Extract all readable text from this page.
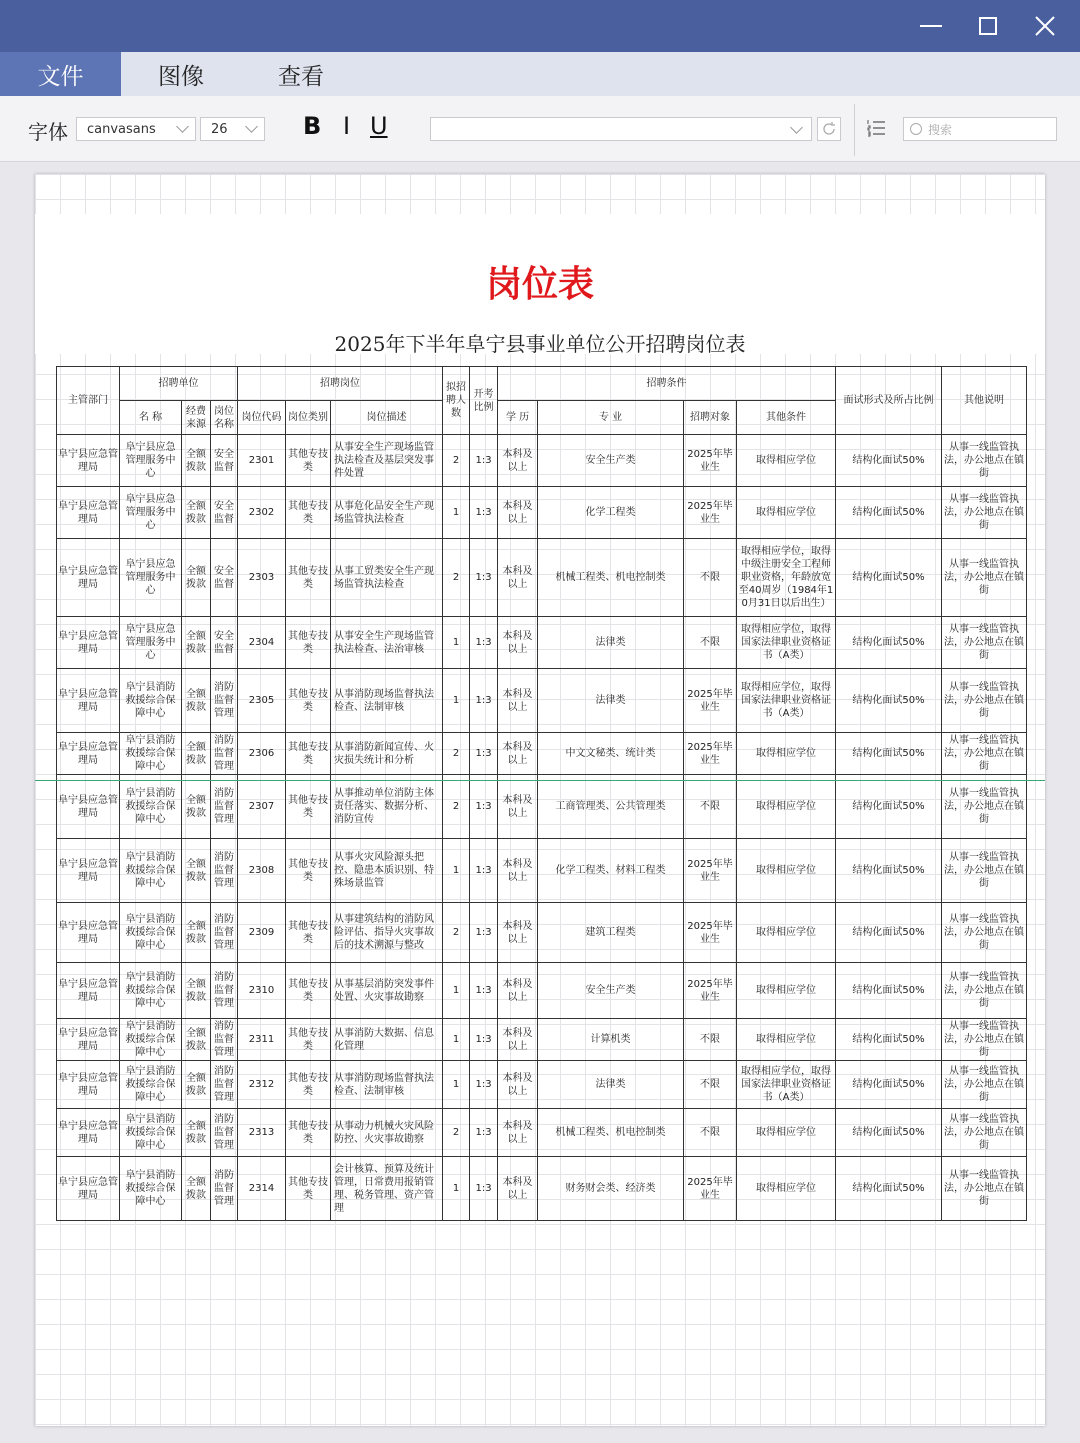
文件	图像	查看
字体 canvasans	26	B I U	搜索
岗位表
2025年下半年阜宁县事业单位公开招聘岗位表
主管部门	招聘单位			招聘岗位			拟招聘人数	开考比例	招聘条件				面试形式及所占比例	其他说明
	名 称	经费来源	岗位名称	岗位代码	岗位类别	岗位描述			学 历	专 业	招聘对象	其他条件		
阜宁县应急管理局	阜宁县应急管理服务中心	全额拨款	安全监督	2301	其他专技类	从事安全生产现场监管执法检查及基层突发事件处置	2	1:3	本科及以上	安全生产类	2025年毕业生	取得相应学位	结构化面试50%	从事一线监管执法，办公地点在镇街
阜宁县应急管理局	阜宁县应急管理服务中心	全额拨款	安全监督	2302	其他专技类	从事危化品安全生产现场监管执法检查	1	1:3	本科及以上	化学工程类	2025年毕业生	取得相应学位	结构化面试50%	从事一线监管执法，办公地点在镇街
阜宁县应急管理局	阜宁县应急管理服务中心	全额拨款	安全监督	2303	其他专技类	从事工贸类安全生产现场监管执法检查	2	1:3	本科及以上	机械工程类、机电控制类	不限	取得相应学位，取得中级注册安全工程师职业资格，年龄放宽至40周岁（1984年10月31日以后出生）	结构化面试50%	从事一线监管执法，办公地点在镇街
阜宁县应急管理局	阜宁县应急管理服务中心	全额拨款	安全监督	2304	其他专技类	从事安全生产现场监管执法检查、法治审核	1	1:3	本科及以上	法律类	不限	取得相应学位，取得国家法律职业资格证书（A类）	结构化面试50%	从事一线监管执法，办公地点在镇街
阜宁县应急管理局	阜宁县消防救援综合保障中心	全额拨款	消防监督管理	2305	其他专技类	从事消防现场监督执法检查、法制审核	1	1:3	本科及以上	法律类	2025年毕业生	取得相应学位，取得国家法律职业资格证书（A类）	结构化面试50%	从事一线监管执法，办公地点在镇街
阜宁县应急管理局	阜宁县消防救援综合保障中心	全额拨款	消防监督管理	2306	其他专技类	从事消防新闻宣传、火灾损失统计和分析	2	1:3	本科及以上	中文文秘类、统计类	2025年毕业生	取得相应学位	结构化面试50%	从事一线监管执法，办公地点在镇街
阜宁县应急管理局	阜宁县消防救援综合保障中心	全额拨款	消防监督管理	2307	其他专技类	从事推动单位消防主体责任落实、数据分析、消防宣传	2	1:3	本科及以上	工商管理类、公共管理类	不限	取得相应学位	结构化面试50%	从事一线监管执法，办公地点在镇街
阜宁县应急管理局	阜宁县消防救援综合保障中心	全额拨款	消防监督管理	2308	其他专技类	从事火灾风险源头把控、隐患本质识别、特殊场景监管	1	1:3	本科及以上	化学工程类、材料工程类	2025年毕业生	取得相应学位	结构化面试50%	从事一线监管执法，办公地点在镇街
阜宁县应急管理局	阜宁县消防救援综合保障中心	全额拨款	消防监督管理	2309	其他专技类	从事建筑结构的消防风险评估、指导火灾事故后的技术溯源与整改	2	1:3	本科及以上	建筑工程类	2025年毕业生	取得相应学位	结构化面试50%	从事一线监管执法，办公地点在镇街
阜宁县应急管理局	阜宁县消防救援综合保障中心	全额拨款	消防监督管理	2310	其他专技类	从事基层消防突发事件处置、火灾事故勘察	1	1:3	本科及以上	安全生产类	2025年毕业生	取得相应学位	结构化面试50%	从事一线监管执法，办公地点在镇街
阜宁县应急管理局	阜宁县消防救援综合保障中心	全额拨款	消防监督管理	2311	其他专技类	从事消防大数据、信息化管理	1	1:3	本科及以上	计算机类	不限	取得相应学位	结构化面试50%	从事一线监管执法，办公地点在镇街
阜宁县应急管理局	阜宁县消防救援综合保障中心	全额拨款	消防监督管理	2312	其他专技类	从事消防现场监督执法检查、法制审核	1	1:3	本科及以上	法律类	不限	取得相应学位，取得国家法律职业资格证书（A类）	结构化面试50%	从事一线监管执法，办公地点在镇街
阜宁县应急管理局	阜宁县消防救援综合保障中心	全额拨款	消防监督管理	2313	其他专技类	从事动力机械火灾风险防控、火灾事故勘察	2	1:3	本科及以上	机械工程类、机电控制类	不限	取得相应学位	结构化面试50%	从事一线监管执法，办公地点在镇街
阜宁县应急管理局	阜宁县消防救援综合保障中心	全额拨款	消防监督管理	2314	其他专技类	会计核算、预算及统计管理，日常费用报销管理、税务管理、资产管理	1	1:3	本科及以上	财务财会类、经济类	2025年毕业生	取得相应学位	结构化面试50%	从事一线监管执法，办公地点在镇街
